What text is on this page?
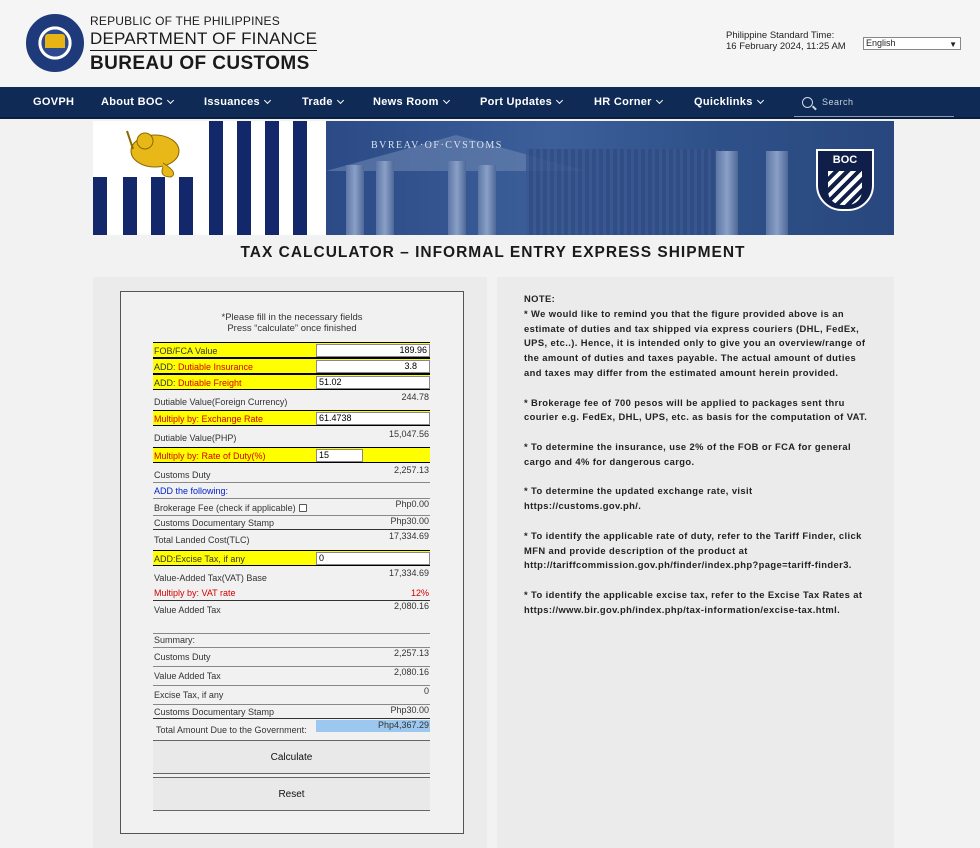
REPUBLIC OF THE PHILIPPINES
DEPARTMENT OF FINANCE
BUREAU OF CUSTOMS
Philippine Standard Time:
16 February 2024, 11:25 AM	English	▼
GOVPH About BOC	Issuances	Trade	News Room	Port Updates	HR Corner	Quicklinks	Search
BVREAV·OF·CVSTOMS
BOC
TAX CALCULATOR – INFORMAL ENTRY EXPRESS SHIPMENT
*Please fill in the necessary fields
Press “calculate” once finished
FOB/FCA Value	189.96
ADD: Dutiable Insurance	3.8
ADD: Dutiable Freight	51.02
Dutiable Value(Foreign Currency)	244.78
Multiply by: Exchange Rate	61.4738
Dutiable Value(PHP)	15,047.56
Multiply by: Rate of Duty(%)	15
Customs Duty	2,257.13
ADD the following:
Brokerage Fee (check if applicable)	Php0.00
Customs Documentary Stamp	Php30.00
Total Landed Cost(TLC)	17,334.69
ADD:Excise Tax, if any	0
Value-Added Tax(VAT) Base	17,334.69
Multiply by: VAT rate	12%
Value Added Tax	2,080.16
Summary:
Customs Duty	2,257.13
Value Added Tax	2,080.16
Excise Tax, if any	0
Customs Documentary Stamp	Php30.00
Total Amount Due to the Government:	Php4,367.29
Calculate
Reset
NOTE:

* We would like to remind you that the figure provided above is an estimate of duties and tax shipped via express couriers (DHL, FedEx, UPS, etc..). Hence, it is intended only to give you an overview/range of the amount of duties and taxes payable. The actual amount of duties and taxes may differ from the estimated amount herein provided.

* Brokerage fee of 700 pesos will be applied to packages sent thru courier e.g. FedEx, DHL, UPS, etc. as basis for the computation of VAT.

* To determine the insurance, use 2% of the FOB or FCA for general cargo and 4% for dangerous cargo.

* To determine the updated exchange rate, visit https://customs.gov.ph/.

* To identify the applicable rate of duty, refer to the Tariff Finder, click MFN and provide description of the product at http://tariffcommission.gov.ph/finder/index.php?page=tariff-finder3.

* To identify the applicable excise tax, refer to the Excise Tax Rates at https://www.bir.gov.ph/index.php/tax-information/excise-tax.html.
